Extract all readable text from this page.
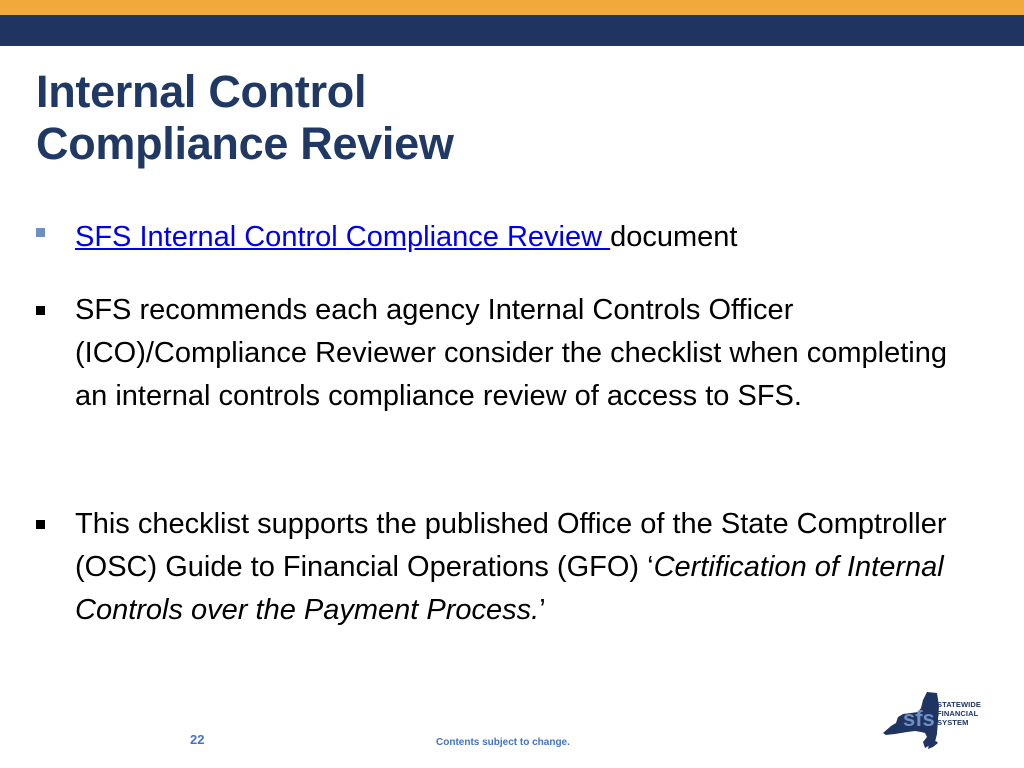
Internal Control
Compliance Review
SFS Internal Control Compliance Review document
SFS recommends each agency Internal Controls Officer (ICO)/Compliance Reviewer consider the checklist when completing an internal controls compliance review of access to SFS.
This checklist supports the published Office of the State Comptroller (OSC) Guide to Financial Operations (GFO) ‘Certification of Internal Controls over the Payment Process.’
22	Contents subject to change.
sfs
STATEWIDE
FINANCIAL
SYSTEM
